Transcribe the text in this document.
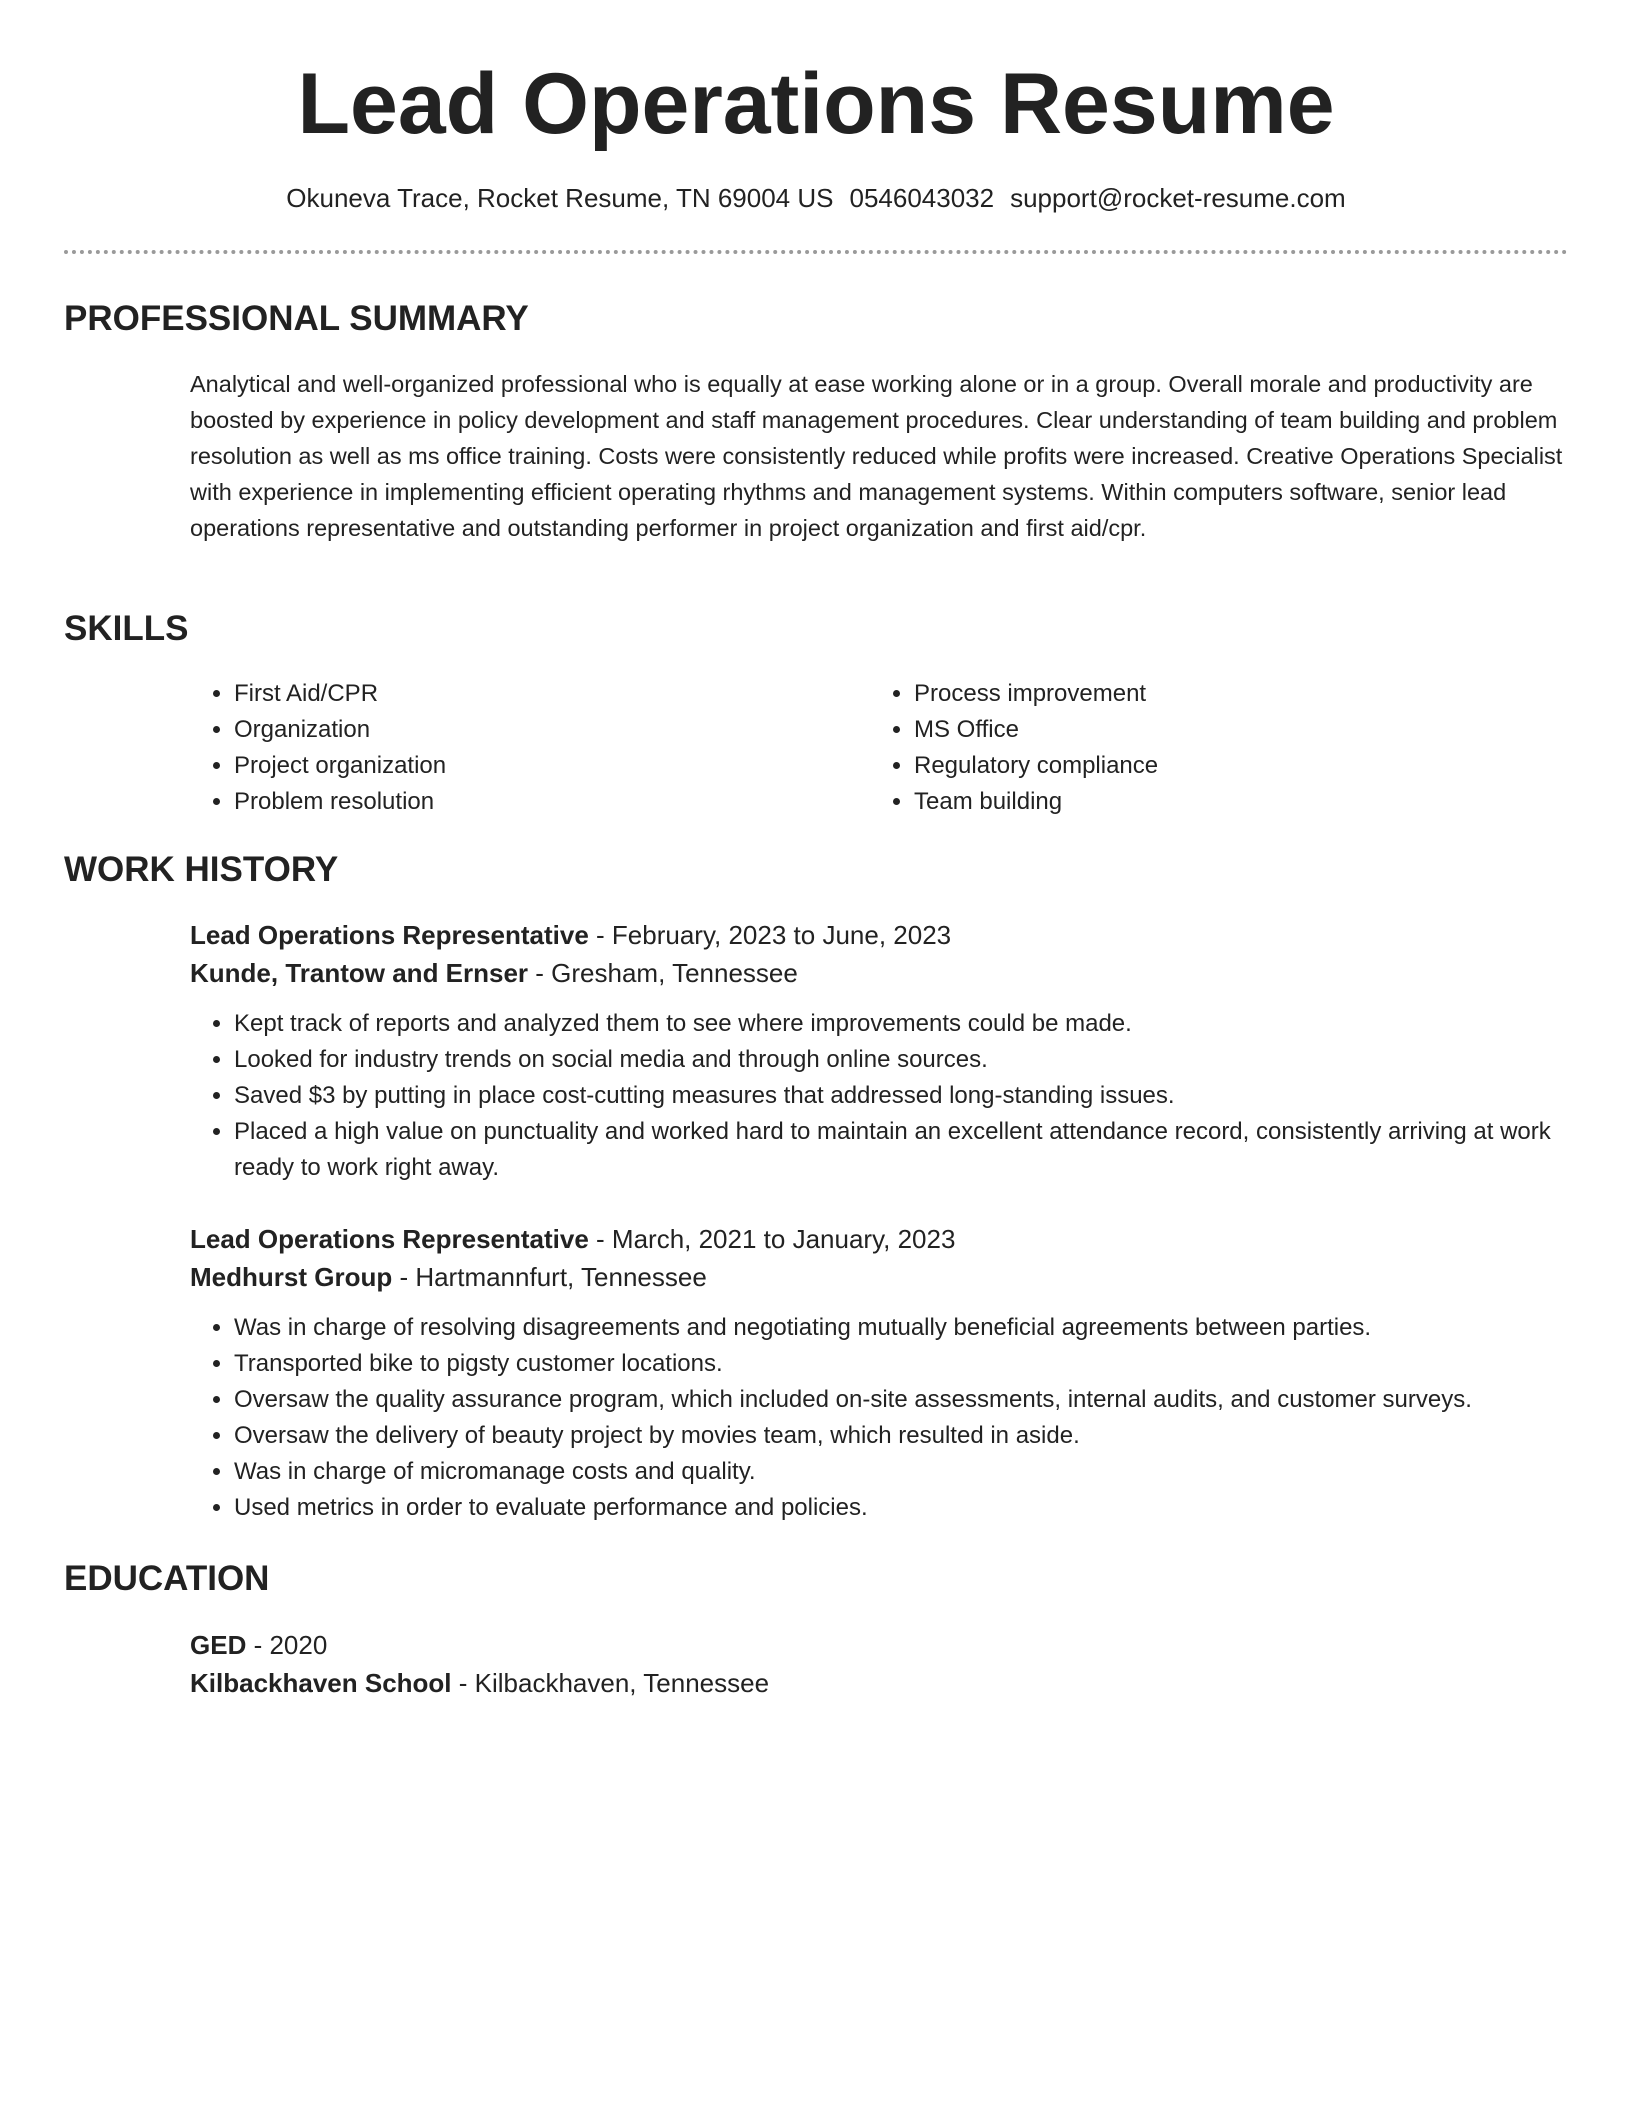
Lead Operations Resume
Okuneva Trace, Rocket Resume, TN 69004 US 0546043032 support@rocket-resume.com
PROFESSIONAL SUMMARY

Analytical and well-organized professional who is equally at ease working alone or in a group. Overall morale and productivity are boosted by experience in policy development and staff management procedures. Clear understanding of team building and problem resolution as well as ms office training. Costs were consistently reduced while profits were increased. Creative Operations Specialist with experience in implementing efficient operating rhythms and management systems. Within computers software, senior lead operations representative and outstanding performer in project organization and first aid/cpr.

SKILLS
• First Aid/CPR
• Organization
• Project organization
• Problem resolution
• Process improvement
• MS Office
• Regulatory compliance
• Team building
WORK HISTORY
Lead Operations Representative - February, 2023 to June, 2023
Kunde, Trantow and Ernser - Gresham, Tennessee
• Kept track of reports and analyzed them to see where improvements could be made.
• Looked for industry trends on social media and through online sources.
• Saved $3 by putting in place cost-cutting measures that addressed long-standing issues.
• Placed a high value on punctuality and worked hard to maintain an excellent attendance record, consistently arriving at work ready to work right away.
Lead Operations Representative - March, 2021 to January, 2023
Medhurst Group - Hartmannfurt, Tennessee
• Was in charge of resolving disagreements and negotiating mutually beneficial agreements between parties.
• Transported bike to pigsty customer locations.
• Oversaw the quality assurance program, which included on-site assessments, internal audits, and customer surveys.
• Oversaw the delivery of beauty project by movies team, which resulted in aside.
• Was in charge of micromanage costs and quality.
• Used metrics in order to evaluate performance and policies.
EDUCATION
GED - 2020
Kilbackhaven School - Kilbackhaven, Tennessee
